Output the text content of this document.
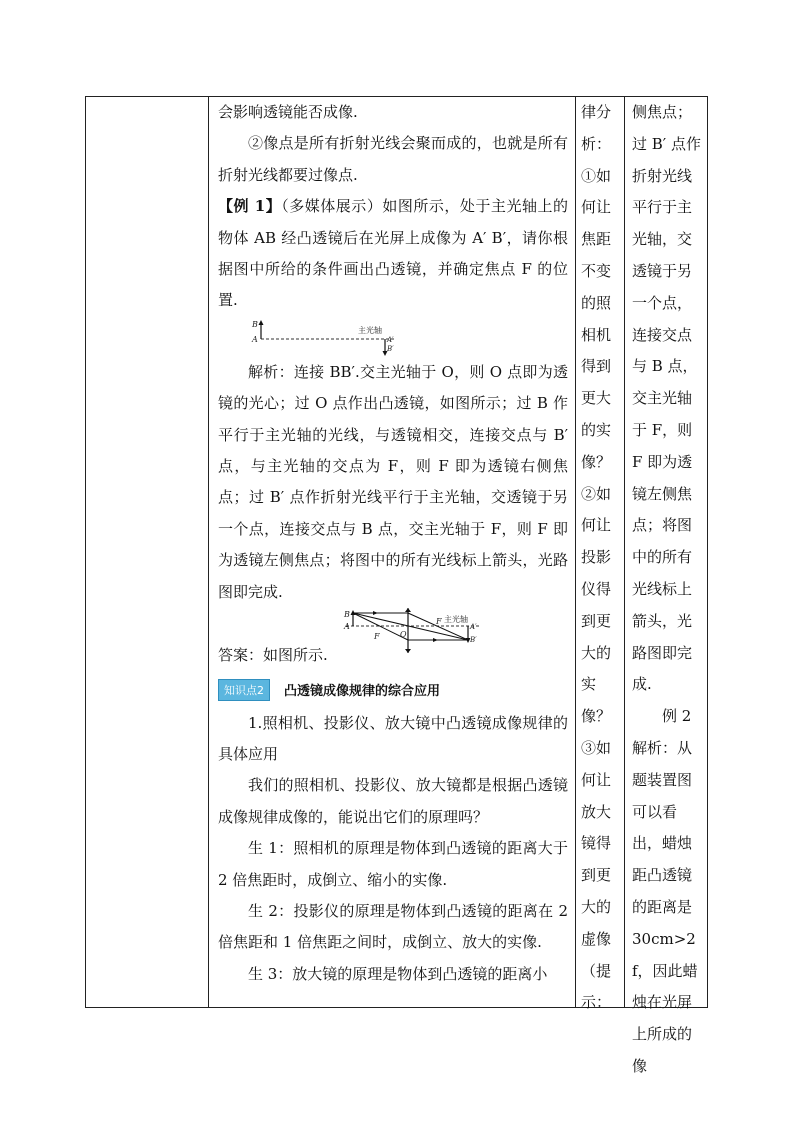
会影响透镜能否成像.

②像点是所有折射光线会聚而成的，也就是所有折射光线都要过像点.

【例 1】（多媒体展示）如图所示，处于主光轴上的物体 AB 经凸透镜后在光屏上成像为 A′ B′，请你根据图中所给的条件画出凸透镜，并确定焦点 F 的位置.

B
A	A′
B′
主光轴

解析：连接 BB′.交主光轴于 O，则 O 点即为透镜的光心；过 O 点作出凸透镜，如图所示；过 B 作平行于主光轴的光线，与透镜相交，连接交点与 B′ 点，与主光轴的交点为 F，则 F 即为透镜右侧焦点；过 B′ 点作折射光线平行于主光轴，交透镜于另一个点，连接交点与 B 点，交主光轴于 F，则 F 即为透镜左侧焦点；将图中的所有光线标上箭头，光路图即完成.

B
A	A′
B′
F
F
O
主光轴

答案：如图所示.

知识点2	凸透镜成像规律的综合应用

1.照相机、投影仪、放大镜中凸透镜成像规律的具体应用

我们的照相机、投影仪、放大镜都是根据凸透镜成像规律成像的，能说出它们的原理吗？

生 1：照相机的原理是物体到凸透镜的距离大于 2 倍焦距时，成倒立、缩小的实像.

生 2：投影仪的原理是物体到凸透镜的距离在 2 倍焦距和 1 倍焦距之间时，成倒立、放大的实像.

生 3：放大镜的原理是物体到凸透镜的距离小

律分析：①如何让焦距不变的照相机得到更大的实像？②如何让投影仪得到更大的实像？③如何让放大镜得到更大的虚像（提示：

侧焦点；过 B′ 点作折射光线平行于主光轴，交透镜于另一个点，连接交点与 B 点，交主光轴于 F，则 F 即为透镜左侧焦点；将图中的所有光线标上箭头，光路图即完成.

例 2 解析：从题装置图可以看出，蜡烛距凸透镜的距离是 30cm>2f，因此蜡烛在光屏上所成的像
